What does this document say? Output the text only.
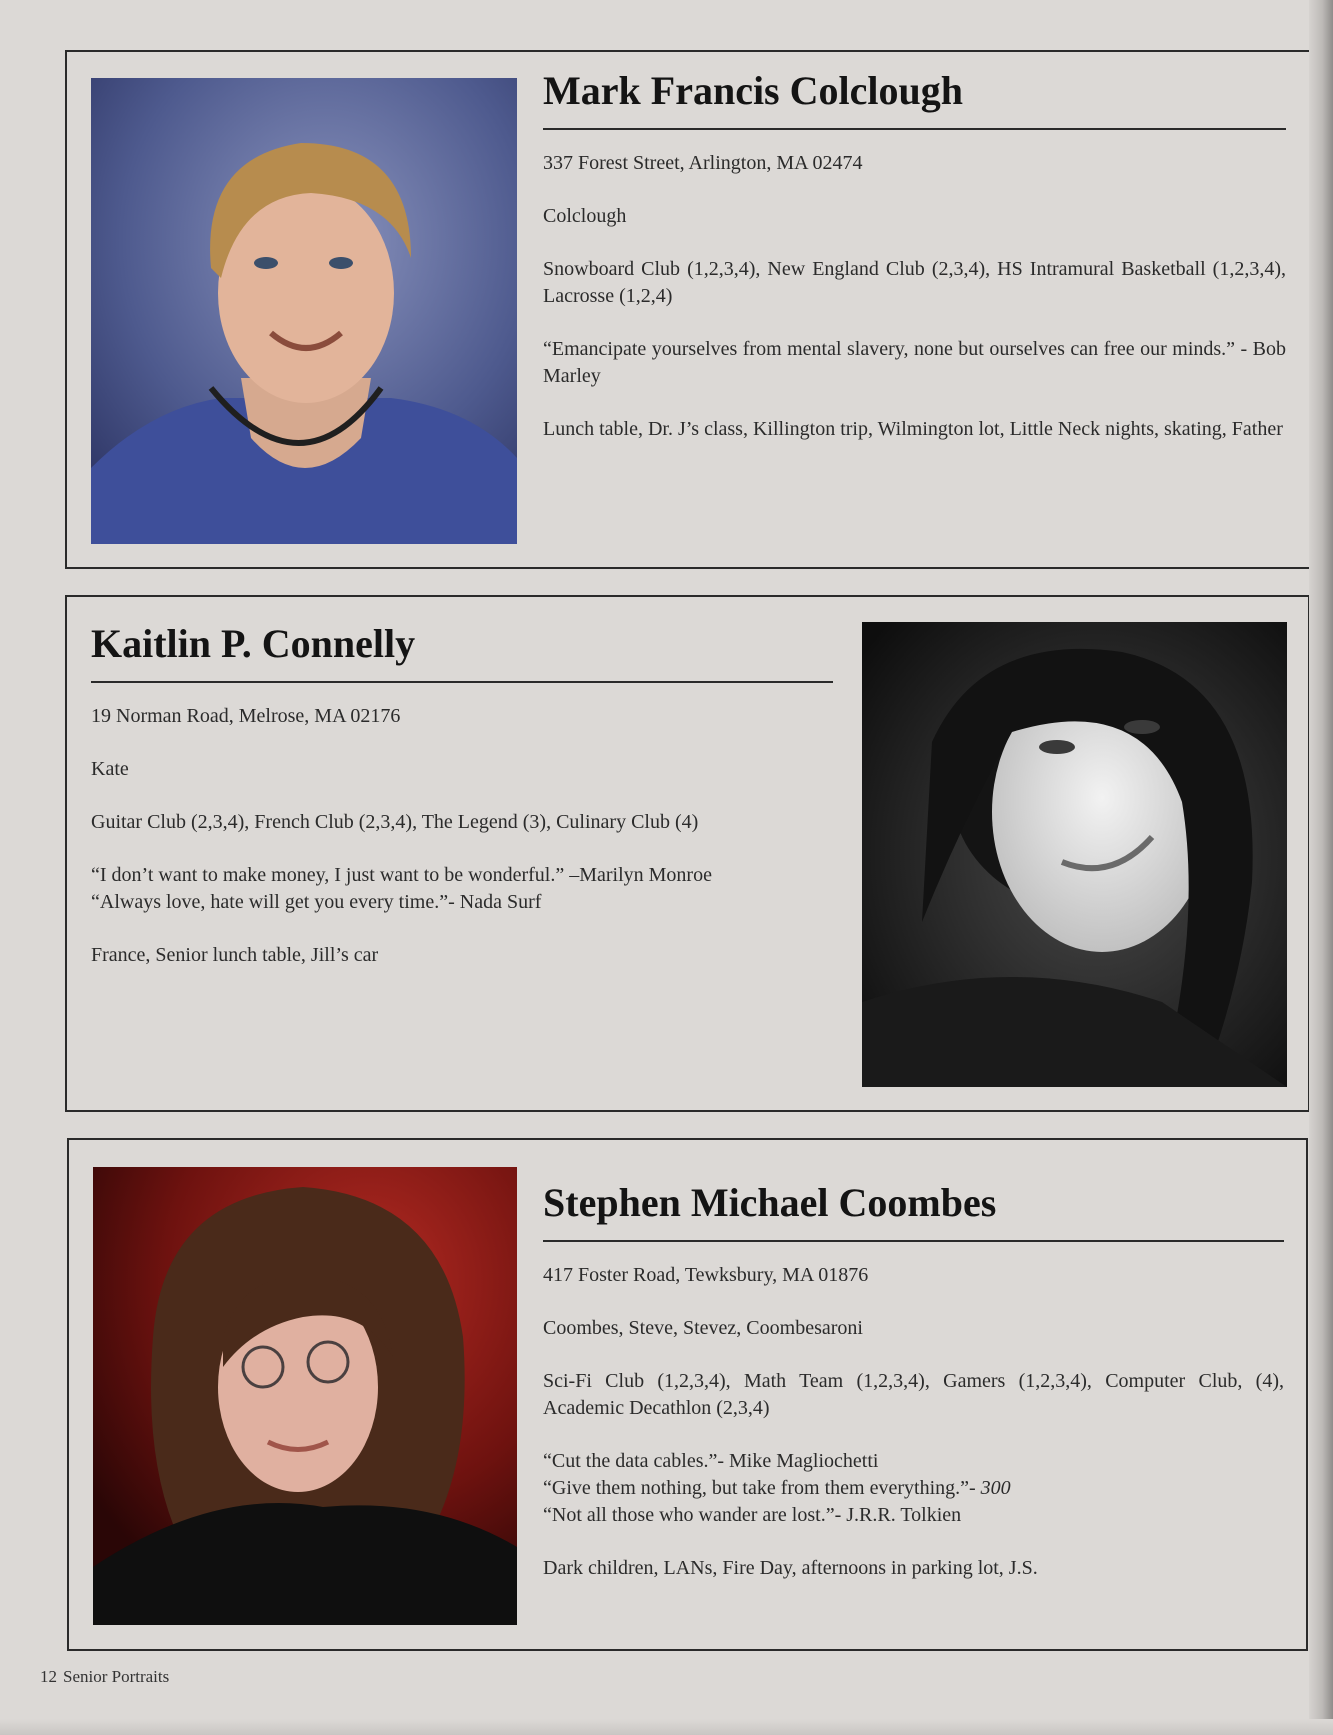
Mark Francis Colclough

337 Forest Street, Arlington, MA 02474

Colclough

Snowboard Club (1,2,3,4), New England Club (2,3,4), HS Intramural Basketball (1,2,3,4), Lacrosse (1,2,4)

“Emancipate yourselves from mental slavery, none but ourselves can free our minds.” - Bob Marley

Lunch table, Dr. J’s class, Killington trip, Wilmington lot, Little Neck nights, skating, Father

Kaitlin P. Connelly

19 Norman Road, Melrose, MA 02176

Kate

Guitar Club (2,3,4), French Club (2,3,4), The Legend (3), Culinary Club (4)

“I don’t want to make money, I just want to be wonderful.” –Marilyn Monroe

“Always love, hate will get you every time.”- Nada Surf

France, Senior lunch table, Jill’s car

Stephen Michael Coombes

417 Foster Road, Tewksbury, MA 01876

Coombes, Steve, Stevez, Coombesaroni

Sci-Fi Club (1,2,3,4), Math Team (1,2,3,4), Gamers (1,2,3,4), Computer Club, (4), Academic Decathlon (2,3,4)

“Cut the data cables.”- Mike Magliochetti

“Give them nothing, but take from them everything.”- 300

“Not all those who wander are lost.”- J.R.R. Tolkien

Dark children, LANs, Fire Day, afternoons in parking lot, J.S.

12 Senior Portraits
